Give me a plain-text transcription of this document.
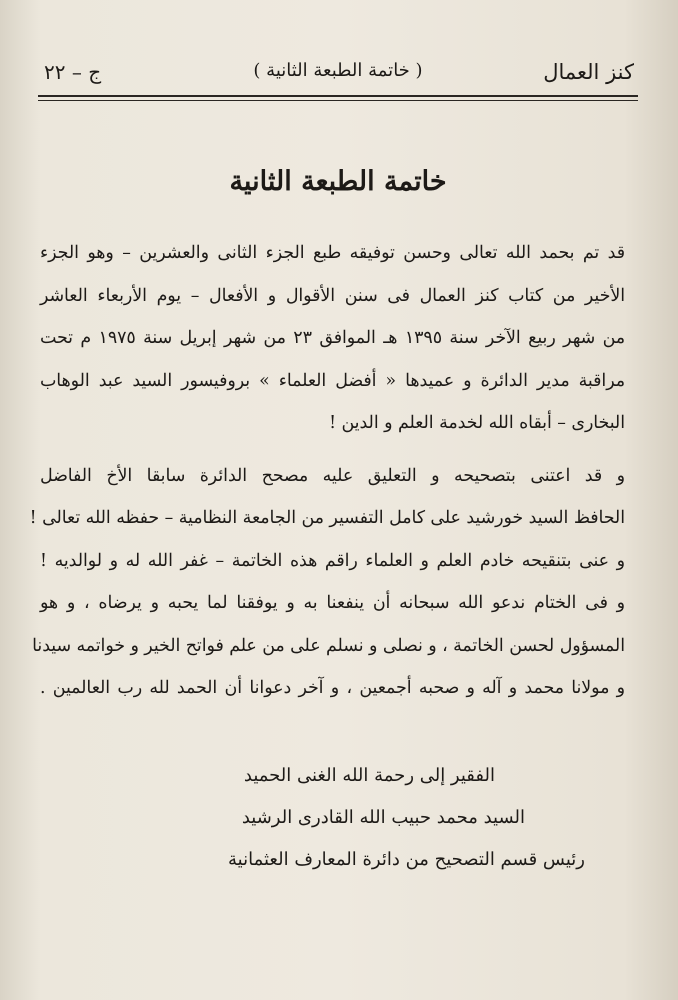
كنز العمال
( خاتمة الطبعة الثانية )
ج – ٢٢
خاتمة الطبعة الثانية
قد تم بحمد الله تعالى وحسن توفيقه طبع الجزء الثانى والعشرين – وهو الجزء
الأخير من كتاب كنز العمال فى سنن الأقوال و الأفعال – يوم الأربعاء العاشر
من شهر ربيع الآخر سنة ١٣٩٥ هـ الموافق ٢٣ من شهر إبريل سنة ١٩٧٥ م تحت
مراقبة مدير الدائرة و عميدها « أفضل العلماء » بروفيسور السيد عبد الوهاب
البخارى – أبقاه الله لخدمة العلم و الدين !
و قد اعتنى بتصحيحه و التعليق عليه مصحح الدائرة سابقا الأخ الفاضل
الحافظ السيد خورشيد على كامل التفسير من الجامعة النظامية – حفظه الله تعالى !
و عنى بتنقيحه خادم العلم و العلماء راقم هذه الخاتمة – غفر الله له و لوالديه !
و فى الختام ندعو الله سبحانه أن ينفعنا به و يوفقنا لما يحبه و يرضاه ، و هو
المسؤول لحسن الخاتمة ، و نصلى و نسلم على من علم فواتح الخير و خواتمه سيدنا
و مولانا محمد و آله و صحبه أجمعين ، و آخر دعوانا أن الحمد لله رب العالمين .
الفقير إلى رحمة الله الغنى الحميد
السيد محمد حبيب الله القادرى الرشيد
رئيس قسم التصحيح من دائرة المعارف العثمانية
